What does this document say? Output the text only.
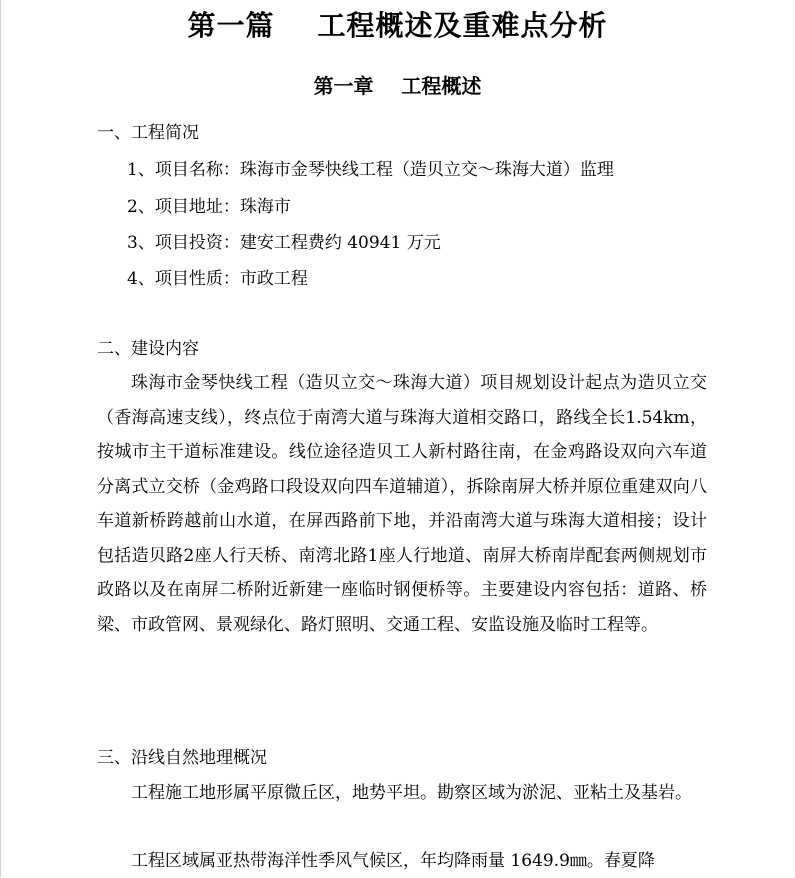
第一篇    工程概述及重难点分析
第一章    工程概述
一、工程简况
1、项目名称：珠海市金琴快线工程（造贝立交～珠海大道）监理
2、项目地址：珠海市
3、项目投资：建安工程费约 40941 万元
4、项目性质：市政工程
二、建设内容

珠海市金琴快线工程（造贝立交～珠海大道）项目规划设计起点为造贝立交（香海高速支线），终点位于南湾大道与珠海大道相交路口，路线全长1.54km，按城市主干道标准建设。线位途径造贝工人新村路往南，在金鸡路设双向六车道分离式立交桥（金鸡路口段设双向四车道辅道），拆除南屏大桥并原位重建双向八车道新桥跨越前山水道，在屏西路前下地，并沿南湾大道与珠海大道相接；设计包括造贝路2座人行天桥、南湾北路1座人行地道、南屏大桥南岸配套两侧规划市政路以及在南屏二桥附近新建一座临时钢便桥等。主要建设内容包括：道路、桥梁、市政管网、景观绿化、路灯照明、交通工程、安监设施及临时工程等。

三、沿线自然地理概况

工程施工地形属平原微丘区，地势平坦。勘察区域为淤泥、亚粘土及基岩。

工程区域属亚热带海洋性季风气候区，年均降雨量 1649.9㎜。春夏降
